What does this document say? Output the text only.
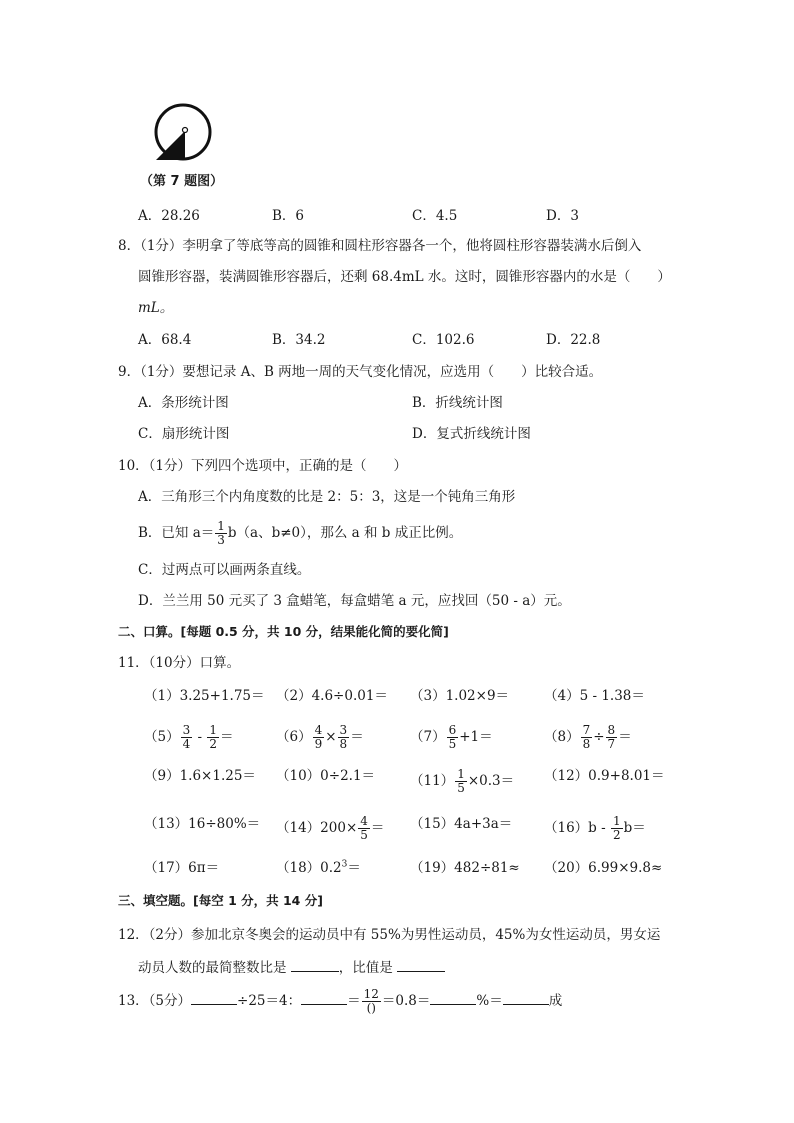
（第 7 题图）
A．28.26	B．6	C．4.5	D．3
8．（1分）李明拿了等底等高的圆锥和圆柱形容器各一个，他将圆柱形容器装满水后倒入
圆锥形容器，装满圆锥形容器后，还剩 68.4mL 水。这时，圆锥形容器内的水是（　　）
mL。
A．68.4	B．34.2	C．102.6	D．22.8
9．（1分）要想记录 A、B 两地一周的天气变化情况，应选用（　　）比较合适。
A．条形统计图	B．折线统计图
C．扇形统计图	D．复式折线统计图
10．（1分）下列四个选项中，正确的是（　　）
A．三角形三个内角度数的比是 2：5：3，这是一个钝角三角形
B．已知 $a= \frac{1}{3} b(a$、b≠0），那么 a 和 b 成正比例。
C．过两点可以画两条直线。
D．兰兰用 50 元买了 3 盒蜡笔，每盒蜡笔 a 元，应找回（50 - a）元。
二、口算。[每题 0.5 分，共 10 分，结果能化简的要化简]
11．（10分）口算。
（1）3.25+1.75＝ （2）4.6÷0.01＝ （3）1.02×9＝	（4）5 - 1.38＝
$(5) \frac{3}{4} - \frac{1}{2}$ ＝	$(6) \frac{4}{9} \times \frac{3}{8}$ ＝	$(7) \frac{6}{5} +1=$	$(8) \frac{7}{8} \div \frac{8}{7}$ ＝
（9）1.6×1.25＝ （10）0÷2.1＝	$(11) \frac{1}{5} \times 0.3= (12)0.9+8.01=$
$(13)16\div 80\%= (14)200\times \frac{4}{5} = (15)4a+3a= (16)b - \frac{1}{2} b=$
（17）6π＝	$(18)0.2^3=$	（19）482÷81≈ （20）6.99×9.8≈
三、填空题。[每空 1 分，共 14 分]
12．（2分）参加北京冬奥会的运动员中有 55%为男性运动员，45%为女性运动员，男女运
动员人数的最简整数比是	，比值是
13．（5分）	÷25＝4：	＝ $\frac{12}{()} =0.8=$	%＝	成
